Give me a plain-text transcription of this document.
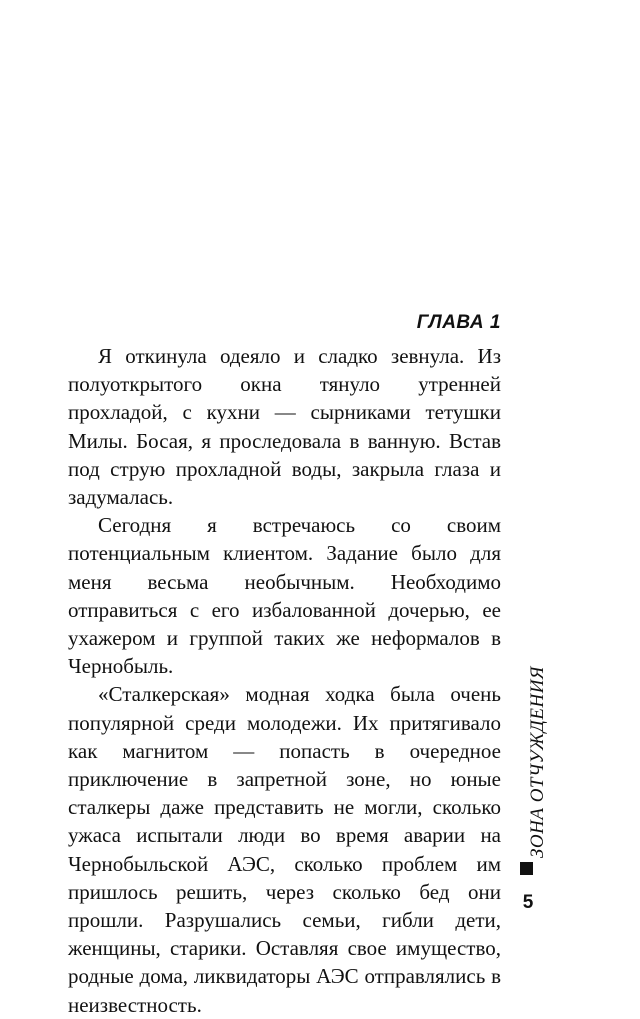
ГЛАВА 1

Я откинула одеяло и сладко зевнула. Из полуоткрытого окна тянуло утренней прохладой, с кухни — сырниками тетушки Милы. Босая, я проследовала в ванную. Встав под струю прохладной воды, закрыла глаза и задумалась.

Сегодня я встречаюсь со своим потенциальным клиентом. Задание было для меня весьма необычным. Необходимо отправиться с его избалованной дочерью, ее ухажером и группой таких же неформалов в Чернобыль.

«Сталкерская» модная ходка была очень популярной среди молодежи. Их притягивало как магнитом — попасть в очередное приключение в запретной зоне, но юные сталкеры даже представить не могли, сколько ужаса испытали люди во время аварии на Чернобыльской АЭС, сколько проблем им пришлось решить, через сколько бед они прошли. Разрушались семьи, гибли дети, женщины, старики. Оставляя свое имущество, родные дома, ликвидаторы АЭС отправлялись в неизвестность.

ЗОНА ОТЧУЖДЕНИЯ
5
